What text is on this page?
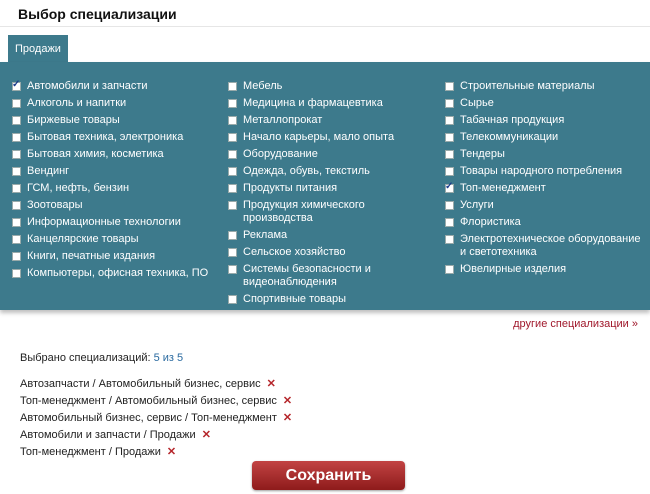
Выбор специализации
Продажи
✓
Автомобили и запчасти
Алкоголь и напитки
Биржевые товары
Бытовая техника, электроника
Бытовая химия, косметика
Вендинг
ГСМ, нефть, бензин
Зоотовары
Информационные технологии
Канцелярские товары
Книги, печатные издания
Компьютеры, офисная техника, ПО
Мебель
Медицина и фармацевтика
Металлопрокат
Начало карьеры, мало опыта
Оборудование
Одежда, обувь, текстиль
Продукты питания
Продукция химического производства
Реклама
Сельское хозяйство
Системы безопасности и видеонаблюдения
Спортивные товары
Строительные материалы
Сырье
Табачная продукция
Телекоммуникации
Тендеры
Товары народного потребления
✓
Топ-менеджмент
Услуги
Флористика
Электротехническое оборудование и светотехника
Ювелирные изделия
другие специализации »
Выбрано специализаций: 5 из 5
Автозапчасти / Автомобильный бизнес, сервис ✕
Топ-менеджмент / Автомобильный бизнес, сервис ✕
Автомобильный бизнес, сервис / Топ-менеджмент ✕
Автомобили и запчасти / Продажи ✕
Топ-менеджмент / Продажи ✕
Сохранить
